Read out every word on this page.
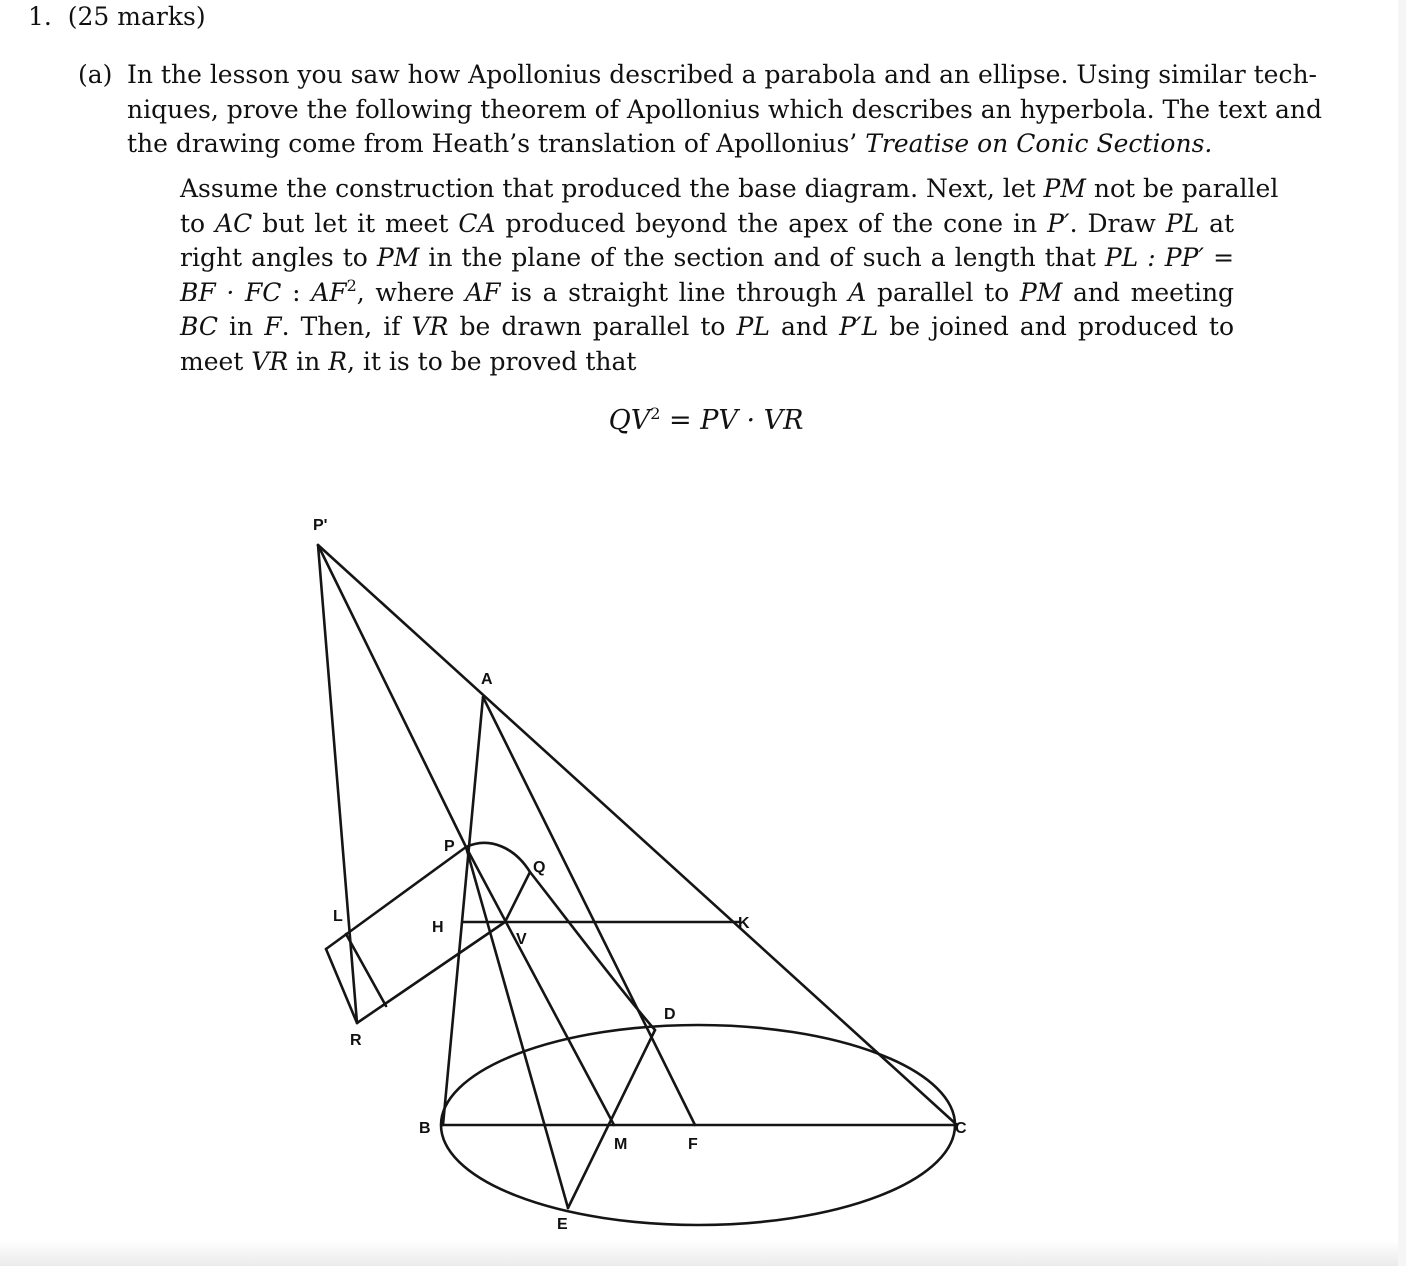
1. (25 marks)
(a) In the lesson you saw how Apollonius described a parabola and an ellipse. Using similar tech-
niques, prove the following theorem of Apollonius which describes an hyperbola. The text and
the drawing come from Heath’s translation of Apollonius’ Treatise on Conic Sections.
Assume the construction that produced the base diagram. Next, let PM not be parallel
to AC but let it meet CA produced beyond the apex of the cone in P′. Draw PL at
right angles to PM in the plane of the section and of such a length that PL : PP′ =
BF · FC : $AF^2$, where AF is a straight line through A parallel to PM and meeting
BC in F. Then, if VR be drawn parallel to PL and P′L be joined and produced to
meet VR in R, it is to be proved that
$QV^2$ = PV · VR
P'
A
P
Q
L
H
V
K
D
R
B
M	F
C
E
